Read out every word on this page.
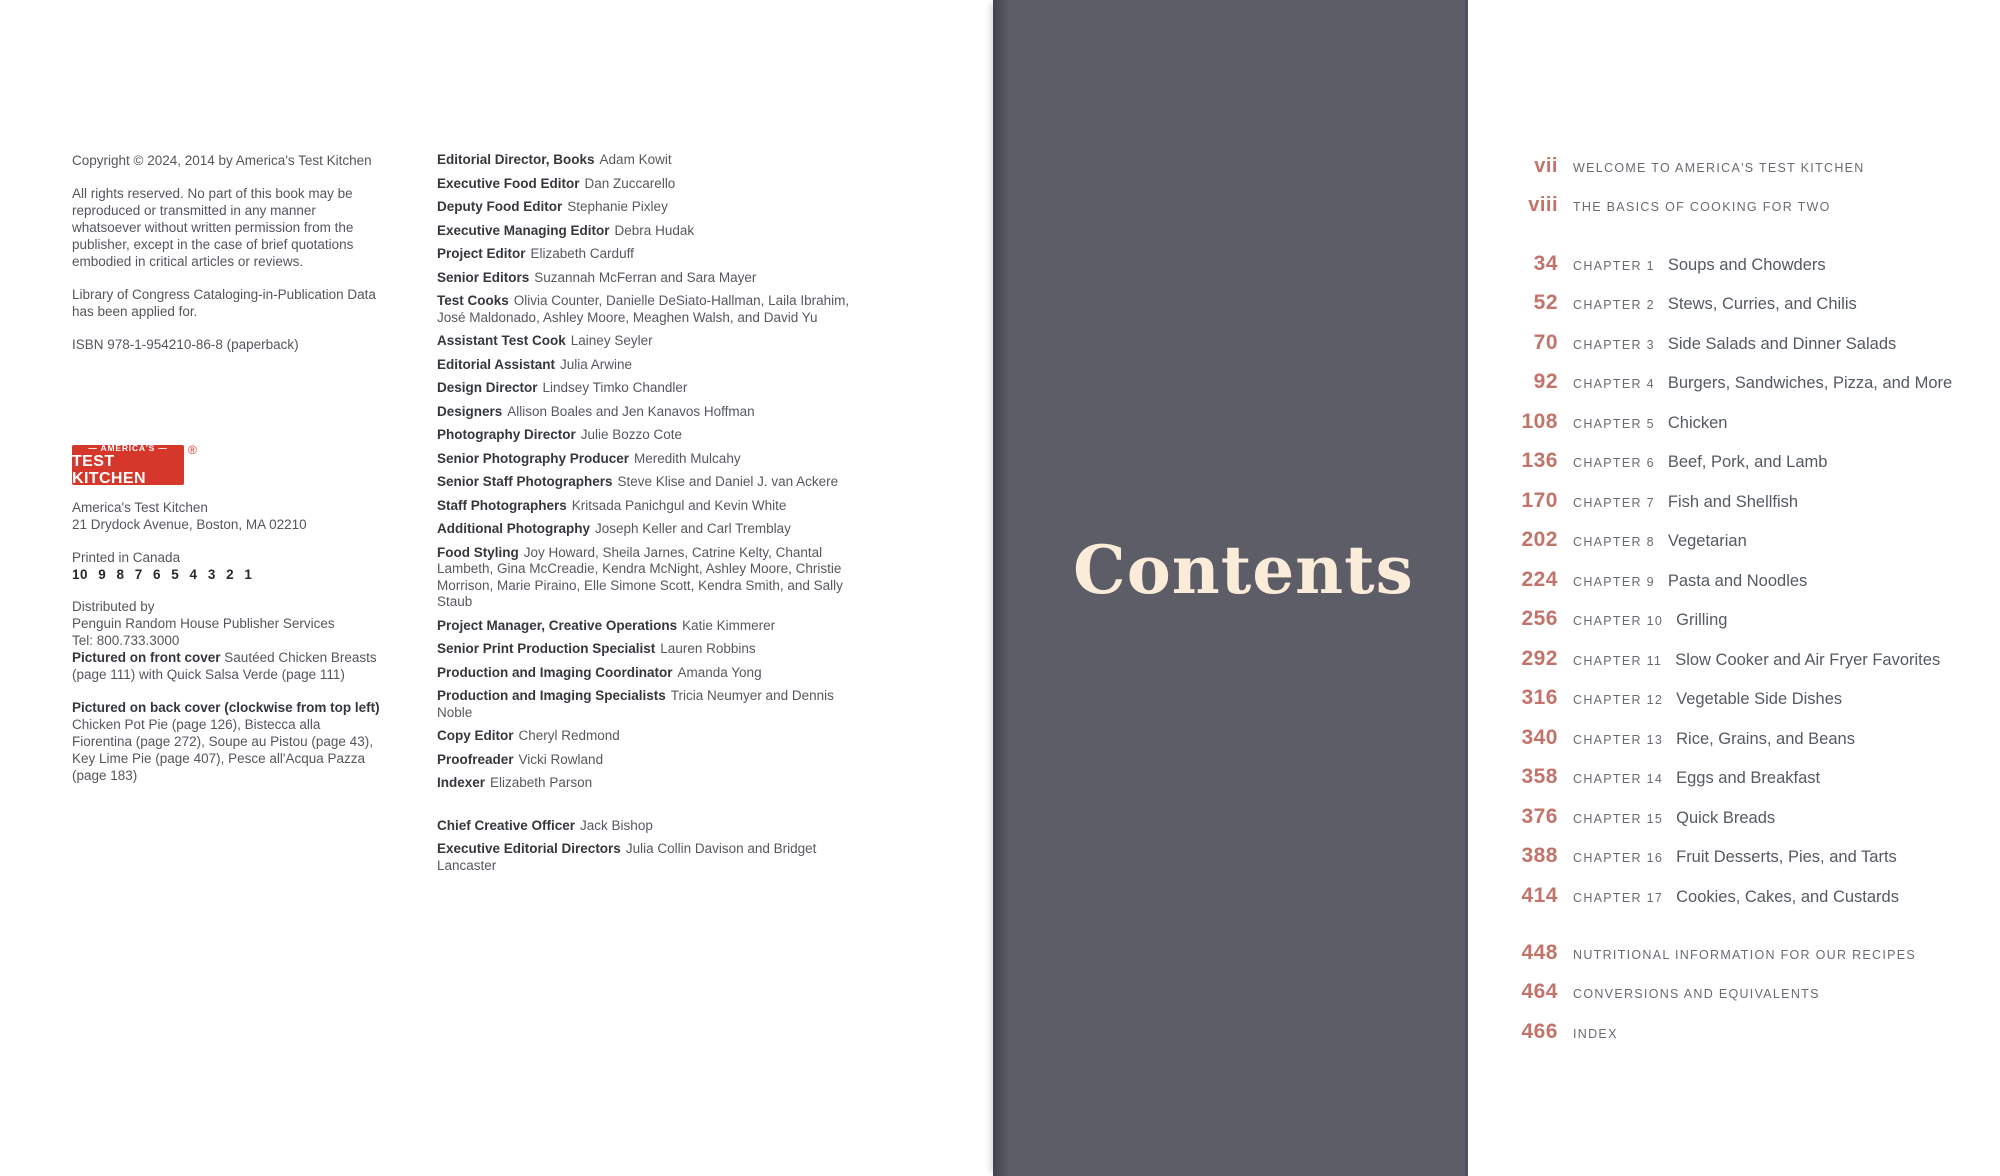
Copyright © 2024, 2014 by America's Test Kitchen

All rights reserved. No part of this book may be reproduced or transmitted in any manner whatsoever without written permission from the publisher, except in the case of brief quotations embodied in critical articles or reviews.

Library of Congress Cataloging-in-Publication Data has been applied for.

ISBN 978-1-954210-86-8 (paperback)

— AMERICA'S —
TEST KITCHEN
®
America's Test Kitchen
21 Drydock Avenue, Boston, MA 02210
Printed in Canada
10 9 8 7 6 5 4 3 2 1
Distributed by
Penguin Random House Publisher Services
Tel: 800.733.3000

Pictured on front cover Sautéed Chicken Breasts (page 111) with Quick Salsa Verde (page 111)

Pictured on back cover (clockwise from top left) Chicken Pot Pie (page 126), Bistecca alla Fiorentina (page 272), Soupe au Pistou (page 43), Key Lime Pie (page 407), Pesce all'Acqua Pazza (page 183)

Editorial Director, Books Adam Kowit

Executive Food Editor Dan Zuccarello

Deputy Food Editor Stephanie Pixley

Executive Managing Editor Debra Hudak

Project Editor Elizabeth Carduff

Senior Editors Suzannah McFerran and Sara Mayer

Test Cooks Olivia Counter, Danielle DeSiato-Hallman, Laila Ibrahim, José Maldonado, Ashley Moore, Meaghen Walsh, and David Yu

Assistant Test Cook Lainey Seyler

Editorial Assistant Julia Arwine

Design Director Lindsey Timko Chandler

Designers Allison Boales and Jen Kanavos Hoffman

Photography Director Julie Bozzo Cote

Senior Photography Producer Meredith Mulcahy

Senior Staff Photographers Steve Klise and Daniel J. van Ackere

Staff Photographers Kritsada Panichgul and Kevin White

Additional Photography Joseph Keller and Carl Tremblay

Food Styling Joy Howard, Sheila Jarnes, Catrine Kelty, Chantal Lambeth, Gina McCreadie, Kendra McNight, Ashley Moore, Christie Morrison, Marie Piraino, Elle Simone Scott, Kendra Smith, and Sally Staub

Project Manager, Creative Operations Katie Kimmerer

Senior Print Production Specialist Lauren Robbins

Production and Imaging Coordinator Amanda Yong

Production and Imaging Specialists Tricia Neumyer and Dennis Noble

Copy Editor Cheryl Redmond

Proofreader Vicki Rowland

Indexer Elizabeth Parson

Chief Creative Officer Jack Bishop

Executive Editorial Directors Julia Collin Davison and Bridget Lancaster

Contents
vii WELCOME TO AMERICA'S TEST KITCHEN
viii THE BASICS OF COOKING FOR TWO
34 CHAPTER 1 Soups and Chowders
52 CHAPTER 2 Stews, Curries, and Chilis
70 CHAPTER 3 Side Salads and Dinner Salads
92 CHAPTER 4 Burgers, Sandwiches, Pizza, and More
108 CHAPTER 5 Chicken
136 CHAPTER 6 Beef, Pork, and Lamb
170 CHAPTER 7 Fish and Shellfish
202 CHAPTER 8 Vegetarian
224 CHAPTER 9 Pasta and Noodles
256 CHAPTER 10 Grilling
292 CHAPTER 11 Slow Cooker and Air Fryer Favorites
316 CHAPTER 12 Vegetable Side Dishes
340 CHAPTER 13 Rice, Grains, and Beans
358 CHAPTER 14 Eggs and Breakfast
376 CHAPTER 15 Quick Breads
388 CHAPTER 16 Fruit Desserts, Pies, and Tarts
414 CHAPTER 17 Cookies, Cakes, and Custards
448 NUTRITIONAL INFORMATION FOR OUR RECIPES
464 CONVERSIONS AND EQUIVALENTS
466 INDEX
